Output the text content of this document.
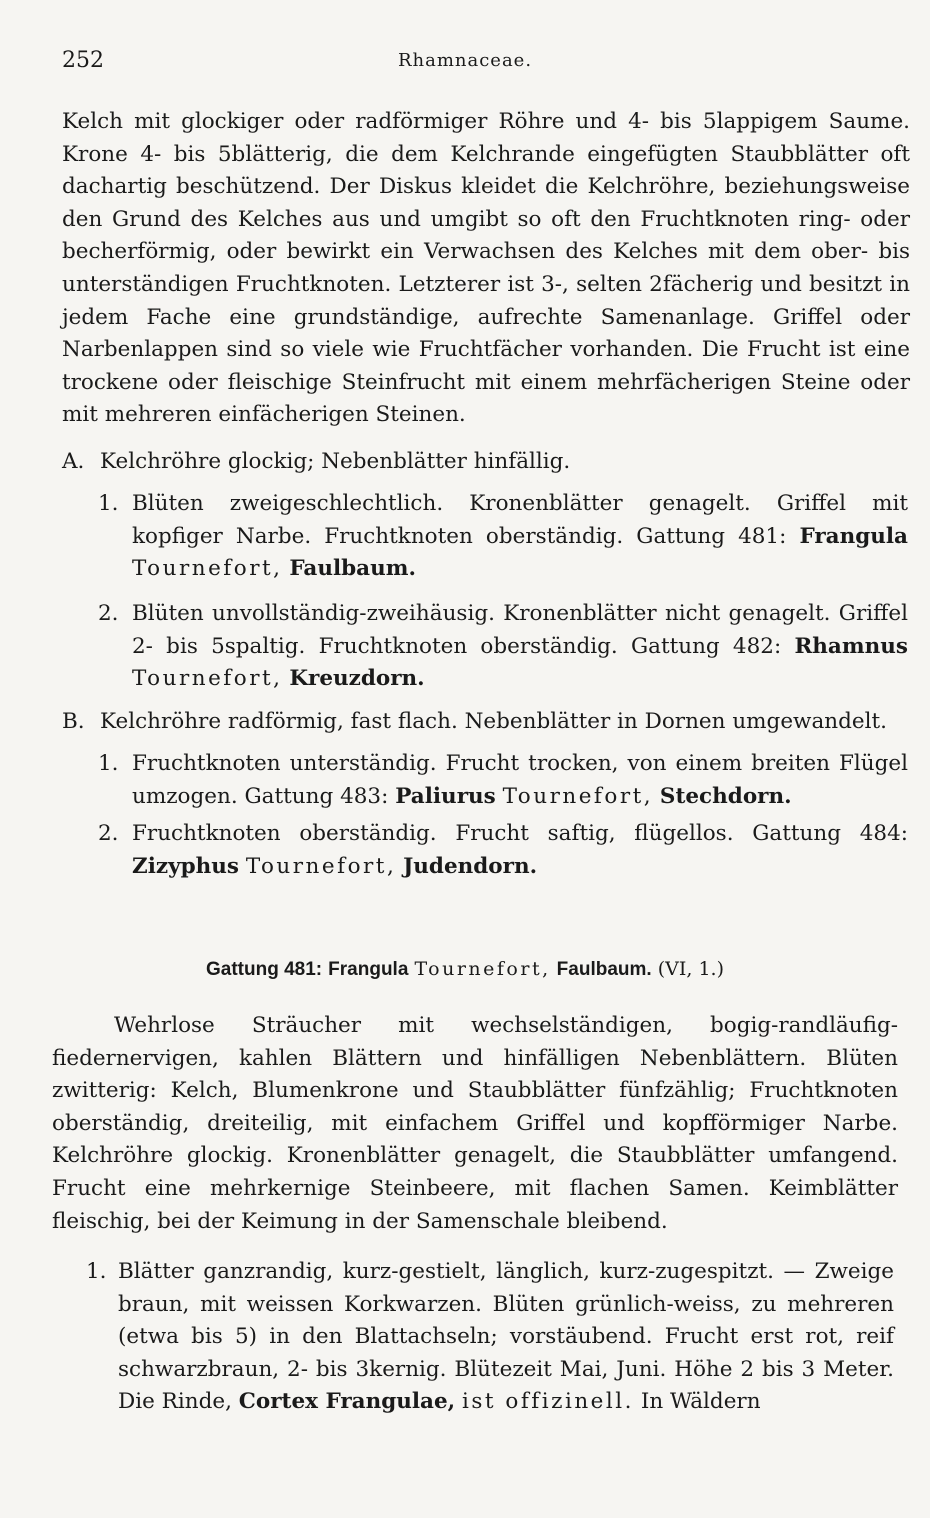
252	Rhamnaceae.

Kelch mit glockiger oder radförmiger Röhre und 4- bis 5lappigem Saume. Krone 4- bis 5blätterig, die dem Kelchrande eingefügten Staubblätter oft dachartig beschützend. Der Diskus kleidet die Kelchröhre, beziehungsweise den Grund des Kelches aus und umgibt so oft den Fruchtknoten ring- oder becherförmig, oder bewirkt ein Verwachsen des Kelches mit dem ober- bis unterständigen Fruchtknoten. Letzterer ist 3-, selten 2fächerig und besitzt in jedem Fache eine grundständige, aufrechte Samenanlage. Griffel oder Narbenlappen sind so viele wie Fruchtfächer vorhanden. Die Frucht ist eine trockene oder fleischige Steinfrucht mit einem mehrfächerigen Steine oder mit mehreren einfächerigen Steinen.

A. Kelchröhre glockig; Nebenblätter hinfällig.
1. Blüten zweigeschlechtlich. Kronenblätter genagelt. Griffel mit kopfiger Narbe. Fruchtknoten oberständig. Gattung 481: Frangula Tournefort, Faulbaum.

2. Blüten unvollständig-zweihäusig. Kronenblätter nicht genagelt. Griffel 2- bis 5spaltig. Fruchtknoten oberständig. Gattung 482: Rhamnus Tournefort, Kreuzdorn.

B. Kelchröhre radförmig, fast flach. Nebenblätter in Dornen umgewandelt.
1. Fruchtknoten unterständig. Frucht trocken, von einem breiten Flügel umzogen. Gattung 483: Paliurus Tournefort, Stechdorn.

2. Fruchtknoten oberständig. Frucht saftig, flügellos. Gattung 484: Zizyphus Tournefort, Judendorn.

Gattung 481: Frangula Tournefort, Faulbaum. (VI, 1.)

Wehrlose Sträucher mit wechselständigen, bogig-randläufig-fiedernervigen, kahlen Blättern und hinfälligen Nebenblättern. Blüten zwitterig: Kelch, Blumenkrone und Staubblätter fünfzählig; Fruchtknoten oberständig, dreiteilig, mit einfachem Griffel und kopfförmiger Narbe. Kelchröhre glockig. Kronenblätter genagelt, die Staubblätter umfangend. Frucht eine mehrkernige Steinbeere, mit flachen Samen. Keimblätter fleischig, bei der Keimung in der Samenschale bleibend.

1. Blätter ganzrandig, kurz-gestielt, länglich, kurz-zugespitzt. — Zweige braun, mit weissen Korkwarzen. Blüten grünlich-weiss, zu mehreren (etwa bis 5) in den Blattachseln; vorstäubend. Frucht erst rot, reif schwarzbraun, 2- bis 3kernig. Blütezeit Mai, Juni. Höhe 2 bis 3 Meter. Die Rinde, Cortex Frangulae, ist offizinell. In Wäldern
